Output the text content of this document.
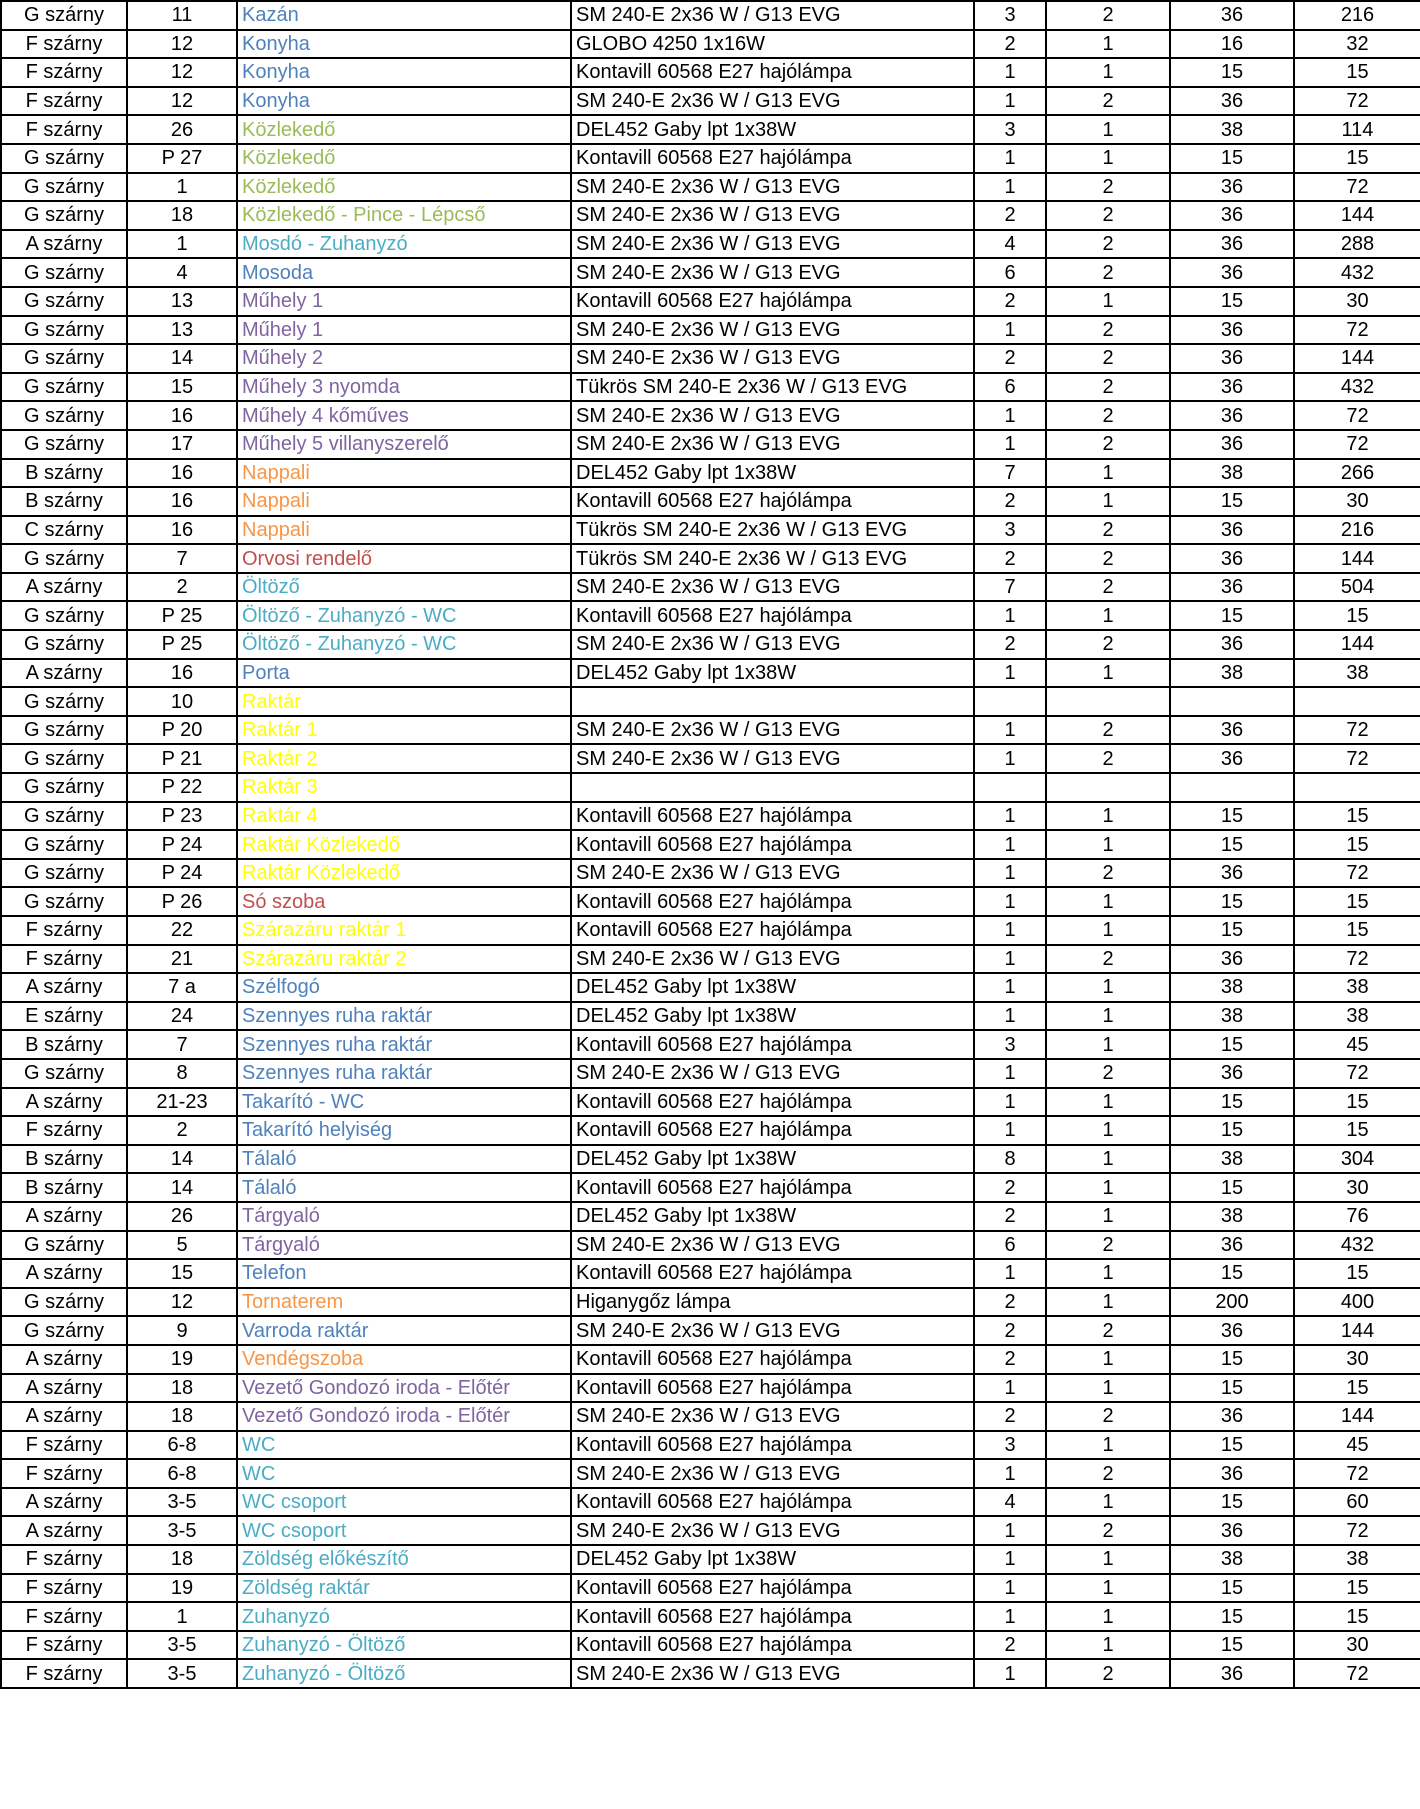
G szárny	11	Kazán	SM 240-E 2x36 W / G13 EVG	3	2	36	216
F szárny	12	Konyha	GLOBO 4250 1x16W	2	1	16	32
F szárny	12	Konyha	Kontavill 60568 E27 hajólámpa	1	1	15	15
F szárny	12	Konyha	SM 240-E 2x36 W / G13 EVG	1	2	36	72
F szárny	26	Közlekedő	DEL452 Gaby lpt 1x38W	3	1	38	114
G szárny	P 27	Közlekedő	Kontavill 60568 E27 hajólámpa	1	1	15	15
G szárny	1	Közlekedő	SM 240-E 2x36 W / G13 EVG	1	2	36	72
G szárny	18	Közlekedő - Pince - Lépcső	SM 240-E 2x36 W / G13 EVG	2	2	36	144
A szárny	1	Mosdó - Zuhanyzó	SM 240-E 2x36 W / G13 EVG	4	2	36	288
G szárny	4	Mosoda	SM 240-E 2x36 W / G13 EVG	6	2	36	432
G szárny	13	Műhely 1	Kontavill 60568 E27 hajólámpa	2	1	15	30
G szárny	13	Műhely 1	SM 240-E 2x36 W / G13 EVG	1	2	36	72
G szárny	14	Műhely 2	SM 240-E 2x36 W / G13 EVG	2	2	36	144
G szárny	15	Műhely 3 nyomda	Tükrös SM 240-E 2x36 W / G13 EVG	6	2	36	432
G szárny	16	Műhely 4 kőműves	SM 240-E 2x36 W / G13 EVG	1	2	36	72
G szárny	17	Műhely 5 villanyszerelő	SM 240-E 2x36 W / G13 EVG	1	2	36	72
B szárny	16	Nappali	DEL452 Gaby lpt 1x38W	7	1	38	266
B szárny	16	Nappali	Kontavill 60568 E27 hajólámpa	2	1	15	30
C szárny	16	Nappali	Tükrös SM 240-E 2x36 W / G13 EVG	3	2	36	216
G szárny	7	Orvosi rendelő	Tükrös SM 240-E 2x36 W / G13 EVG	2	2	36	144
A szárny	2	Öltöző	SM 240-E 2x36 W / G13 EVG	7	2	36	504
G szárny	P 25	Öltöző - Zuhanyzó - WC	Kontavill 60568 E27 hajólámpa	1	1	15	15
G szárny	P 25	Öltöző - Zuhanyzó - WC	SM 240-E 2x36 W / G13 EVG	2	2	36	144
A szárny	16	Porta	DEL452 Gaby lpt 1x38W	1	1	38	38
G szárny	10	Raktár					
G szárny	P 20	Raktár 1	SM 240-E 2x36 W / G13 EVG	1	2	36	72
G szárny	P 21	Raktár 2	SM 240-E 2x36 W / G13 EVG	1	2	36	72
G szárny	P 22	Raktár 3					
G szárny	P 23	Raktár 4	Kontavill 60568 E27 hajólámpa	1	1	15	15
G szárny	P 24	Raktár Közlekedő	Kontavill 60568 E27 hajólámpa	1	1	15	15
G szárny	P 24	Raktár Közlekedő	SM 240-E 2x36 W / G13 EVG	1	2	36	72
G szárny	P 26	Só szoba	Kontavill 60568 E27 hajólámpa	1	1	15	15
F szárny	22	Szárazáru raktár 1	Kontavill 60568 E27 hajólámpa	1	1	15	15
F szárny	21	Szárazáru raktár 2	SM 240-E 2x36 W / G13 EVG	1	2	36	72
A szárny	7 a	Szélfogó	DEL452 Gaby lpt 1x38W	1	1	38	38
E szárny	24	Szennyes ruha raktár	DEL452 Gaby lpt 1x38W	1	1	38	38
B szárny	7	Szennyes ruha raktár	Kontavill 60568 E27 hajólámpa	3	1	15	45
G szárny	8	Szennyes ruha raktár	SM 240-E 2x36 W / G13 EVG	1	2	36	72
A szárny	21-23	Takarító - WC	Kontavill 60568 E27 hajólámpa	1	1	15	15
F szárny	2	Takarító helyiség	Kontavill 60568 E27 hajólámpa	1	1	15	15
B szárny	14	Tálaló	DEL452 Gaby lpt 1x38W	8	1	38	304
B szárny	14	Tálaló	Kontavill 60568 E27 hajólámpa	2	1	15	30
A szárny	26	Tárgyaló	DEL452 Gaby lpt 1x38W	2	1	38	76
G szárny	5	Tárgyaló	SM 240-E 2x36 W / G13 EVG	6	2	36	432
A szárny	15	Telefon	Kontavill 60568 E27 hajólámpa	1	1	15	15
G szárny	12	Tornaterem	Higanygőz lámpa	2	1	200	400
G szárny	9	Varroda raktár	SM 240-E 2x36 W / G13 EVG	2	2	36	144
A szárny	19	Vendégszoba	Kontavill 60568 E27 hajólámpa	2	1	15	30
A szárny	18	Vezető Gondozó iroda - Előtér	Kontavill 60568 E27 hajólámpa	1	1	15	15
A szárny	18	Vezető Gondozó iroda - Előtér	SM 240-E 2x36 W / G13 EVG	2	2	36	144
F szárny	6-8	WC	Kontavill 60568 E27 hajólámpa	3	1	15	45
F szárny	6-8	WC	SM 240-E 2x36 W / G13 EVG	1	2	36	72
A szárny	3-5	WC csoport	Kontavill 60568 E27 hajólámpa	4	1	15	60
A szárny	3-5	WC csoport	SM 240-E 2x36 W / G13 EVG	1	2	36	72
F szárny	18	Zöldség előkészítő	DEL452 Gaby lpt 1x38W	1	1	38	38
F szárny	19	Zöldség raktár	Kontavill 60568 E27 hajólámpa	1	1	15	15
F szárny	1	Zuhanyzó	Kontavill 60568 E27 hajólámpa	1	1	15	15
F szárny	3-5	Zuhanyzó - Öltöző	Kontavill 60568 E27 hajólámpa	2	1	15	30
F szárny	3-5	Zuhanyzó - Öltöző	SM 240-E 2x36 W / G13 EVG	1	2	36	72
